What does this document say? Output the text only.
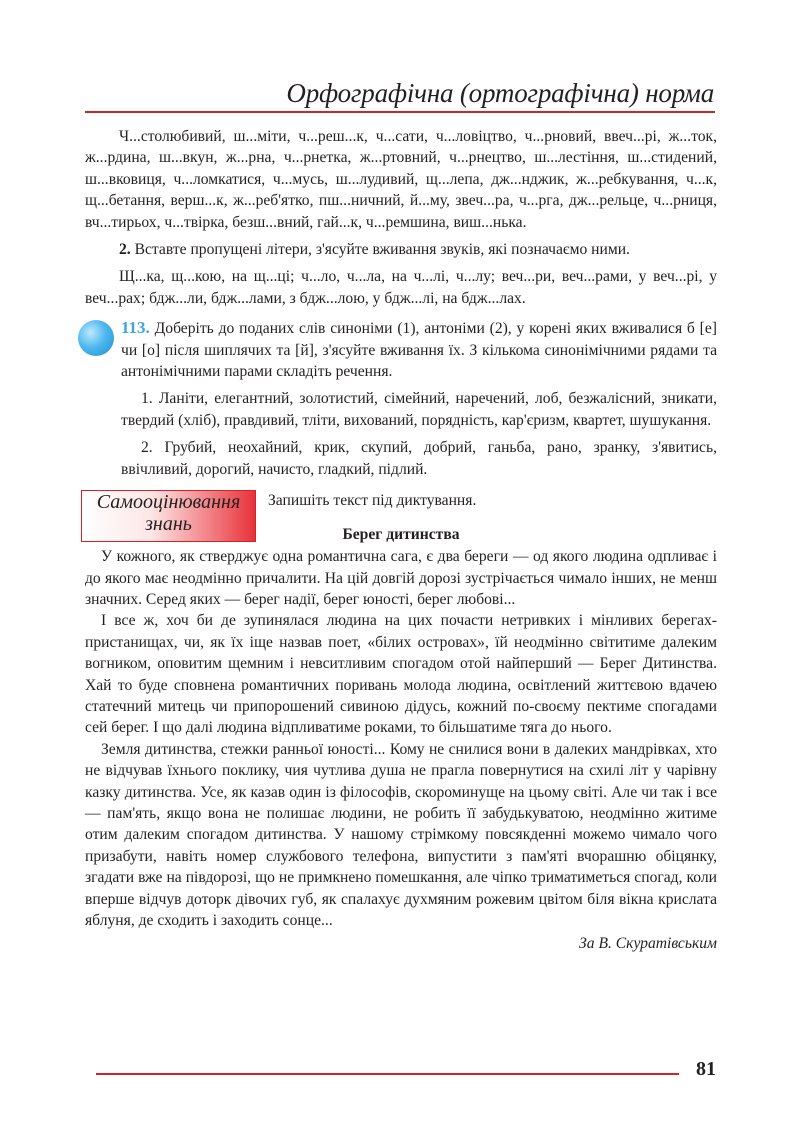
Орфографічна (ортографічна) норма

Ч...столюбивий, ш...міти, ч...реш...к, ч...сати, ч...ловіцтво, ч...рновий, ввеч...рі, ж...ток, ж...рдина, ш...вкун, ж...рна, ч...рнетка, ж...ртовний, ч...рнецтво, ш...лестіння, ш...стидений, ш...вковиця, ч...ломкатися, ч...мусь, ш...лудивий, щ...лепа, дж...нджик, ж...ребкування, ч...к, щ...бетання, верш...к, ж...реб'ятко, пш...ничний, й...му, звеч...ра, ч...рга, дж...рельце, ч...рниця, вч...тирьох, ч...твірка, безш...вний, гай...к, ч...ремшина, виш...нька.

2. Вставте пропущені літери, з'ясуйте вживання звуків, які позначаємо ними.

Щ...ка, щ...кою, на щ...ці; ч...ло, ч...ла, на ч...лі, ч...лу; веч...ри, веч...рами, у веч...рі, у веч...рах; бдж...ли, бдж...лами, з бдж...лою, у бдж...лі, на бдж...лах.

113. Доберіть до поданих слів синоніми (1), антоніми (2), у корені яких вживалися б [е] чи [о] після шиплячих та [й], з'ясуйте вживання їх. З кількома синонімічними рядами та антонімічними парами складіть речення.

1. Ланіти, елегантний, золотистий, сімейний, наречений, лоб, безжалісний, зникати, твердий (хліб), правдивий, тліти, вихований, порядність, кар'єризм, квартет, шушукання.

2. Грубий, неохайний, крик, скупий, добрий, ганьба, рано, зранку, з'явитись, ввічливий, дорогий, начисто, гладкий, підлий.

Самооцінювання
знань
Запишіть текст під диктування.
Берег дитинства

У кожного, як стверджує одна романтична сага, є два береги — од якого людина одпливає і до якого має неодмінно причалити. На цій довгій дорозі зустрічається чимало інших, не менш значних. Серед яких — берег надії, берег юності, берег любові...

І все ж, хоч би де зупинялася людина на цих почасти нетривких і мінливих берегах-пристанищах, чи, як їх іще назвав поет, «білих островах», їй неодмінно світитиме далеким вогником, оповитим щемним і невситливим спогадом отой найперший — Берег Дитинства. Хай то буде сповнена романтичних поривань молода людина, освітлений життєвою вдачею статечний митець чи припорошений сивиною дідусь, кожний по-своєму пектиме спогадами сей берег. І що далі людина відпливатиме роками, то більшатиме тяга до нього.

Земля дитинства, стежки ранньої юності... Кому не снилися вони в далеких мандрівках, хто не відчував їхнього поклику, чия чутлива душа не прагла повернутися на схилі літ у чарівну казку дитинства. Усе, як казав один із філософів, скороминуще на цьому світі. Але чи так і все — пам'ять, якщо вона не полишає людини, не робить її забудькуватою, неодмінно житиме отим далеким спогадом дитинства. У нашому стрімкому повсякденні можемо чимало чого призабути, навіть номер службового телефона, випустити з пам'яті вчорашню обіцянку, згадати вже на півдорозі, що не примкнено помешкання, але чіпко триматиметься спогад, коли вперше відчув доторк дівочих губ, як спалахує духмяним рожевим цвітом біля вікна крислата яблуня, де сходить і заходить сонце...

За В. Скуратівським
81
